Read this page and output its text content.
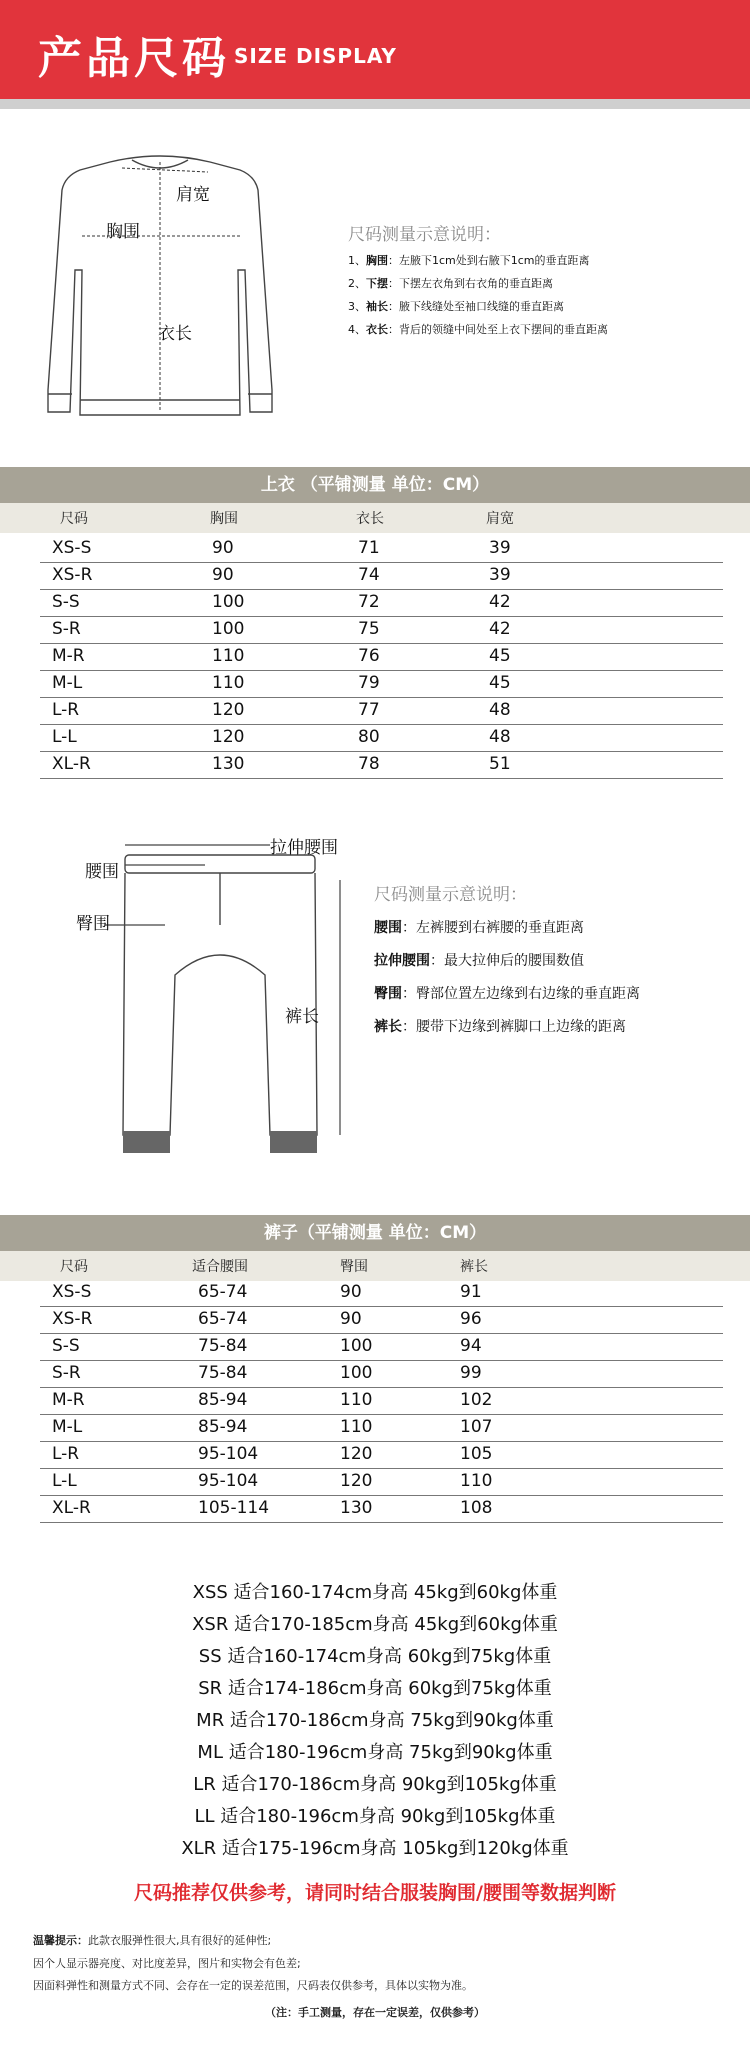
产品尺码 SIZE DISPLAY
肩宽
胸围
衣长
尺码测量示意说明：
1、胸围：左腋下1cm处到右腋下1cm的垂直距离
2、下摆：下摆左衣角到右衣角的垂直距离
3、袖长：腋下线缝处至袖口线缝的垂直距离
4、衣长：背后的领缝中间处至上衣下摆间的垂直距离
上衣 （平铺测量 单位：CM）
尺码	胸围	衣长	肩宽
XS-S	90	71	39
XS-R	90	74	39
S-S	100	72	42
S-R	100	75	42
M-R	110	76	45
M-L	110	79	45
L-R	120	77	48
L-L	120	80	48
XL-R	130	78	51
拉伸腰围
腰围
臀围
裤长
尺码测量示意说明：
腰围：左裤腰到右裤腰的垂直距离
拉伸腰围：最大拉伸后的腰围数值
臀围：臀部位置左边缘到右边缘的垂直距离
裤长：腰带下边缘到裤脚口上边缘的距离
裤子（平铺测量 单位：CM）
尺码	适合腰围	臀围	裤长
XS-S	65-74	90	91
XS-R	65-74	90	96
S-S	75-84	100	94
S-R	75-84	100	99
M-R	85-94	110	102
M-L	85-94	110	107
L-R	95-104	120	105
L-L	95-104	120	110
XL-R	105-114	130	108
XSS 适合160-174cm身高 45kg到60kg体重
XSR 适合170-185cm身高 45kg到60kg体重
SS 适合160-174cm身高 60kg到75kg体重
SR 适合174-186cm身高 60kg到75kg体重
MR 适合170-186cm身高 75kg到90kg体重
ML 适合180-196cm身高 75kg到90kg体重
LR 适合170-186cm身高 90kg到105kg体重
LL 适合180-196cm身高 90kg到105kg体重
XLR 适合175-196cm身高 105kg到120kg体重
尺码推荐仅供参考，请同时结合服装胸围/腰围等数据判断
温馨提示：此款衣服弹性很大,具有很好的延伸性;
因个人显示器亮度、对比度差异，图片和实物会有色差;
因面料弹性和测量方式不同、会存在一定的误差范围，尺码表仅供参考，具体以实物为准。
（注：手工测量，存在一定误差，仅供参考）
